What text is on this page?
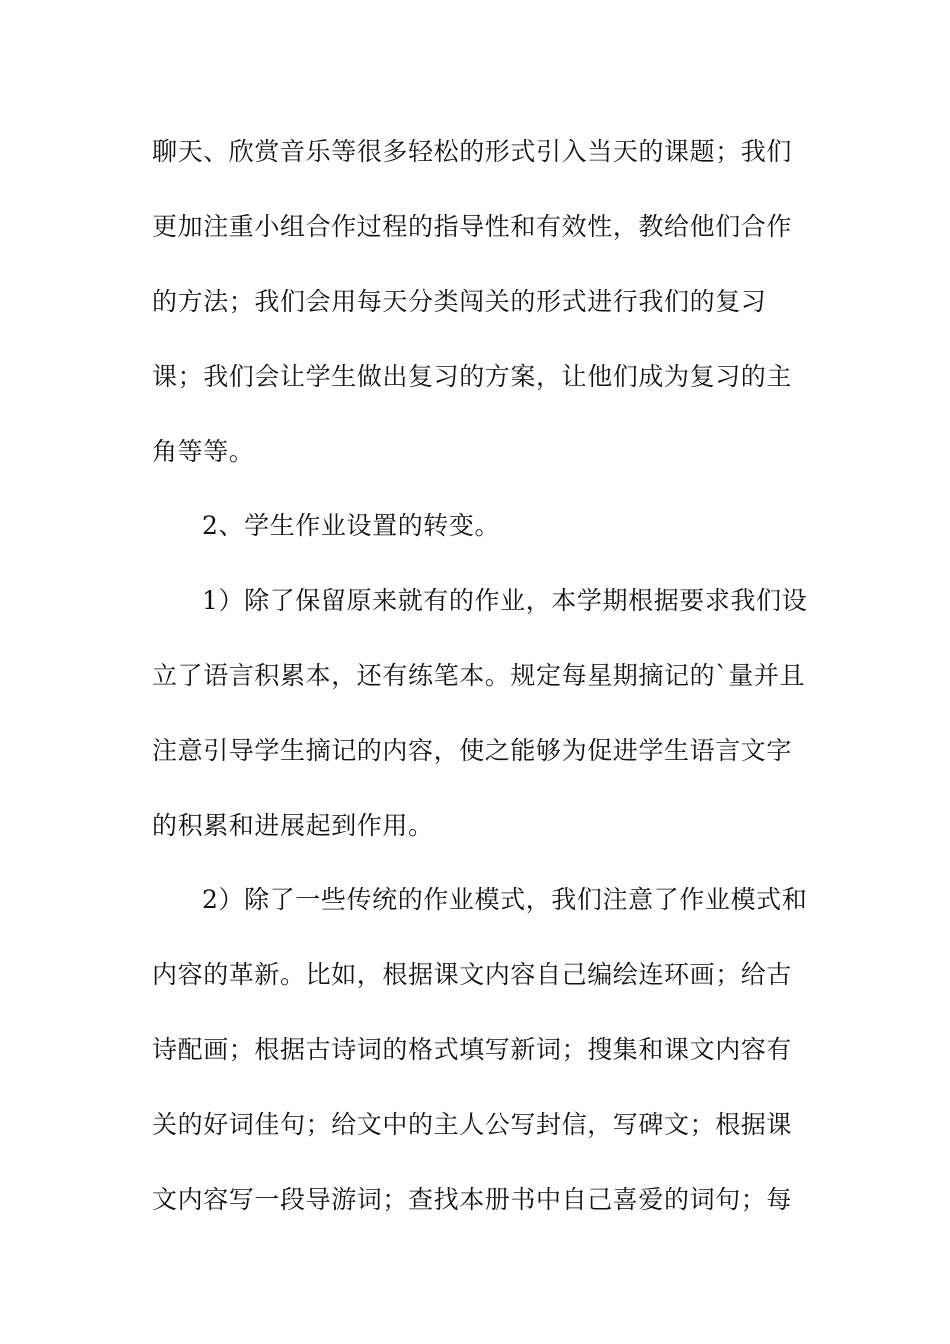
聊天、欣赏音乐等很多轻松的形式引入当天的课题；我们
更加注重小组合作过程的指导性和有效性，教给他们合作
的方法；我们会用每天分类闯关的形式进行我们的复习
课；我们会让学生做出复习的方案，让他们成为复习的主
角等等。
2、学生作业设置的转变。
1）除了保留原来就有的作业，本学期根据要求我们设
立了语言积累本，还有练笔本。规定每星期摘记的`量并且
注意引导学生摘记的内容，使之能够为促进学生语言文字
的积累和进展起到作用。
2）除了一些传统的作业模式，我们注意了作业模式和
内容的革新。比如，根据课文内容自己编绘连环画；给古
诗配画；根据古诗词的格式填写新词；搜集和课文内容有
关的好词佳句；给文中的主人公写封信，写碑文；根据课
文内容写一段导游词；查找本册书中自己喜爱的词句；每
